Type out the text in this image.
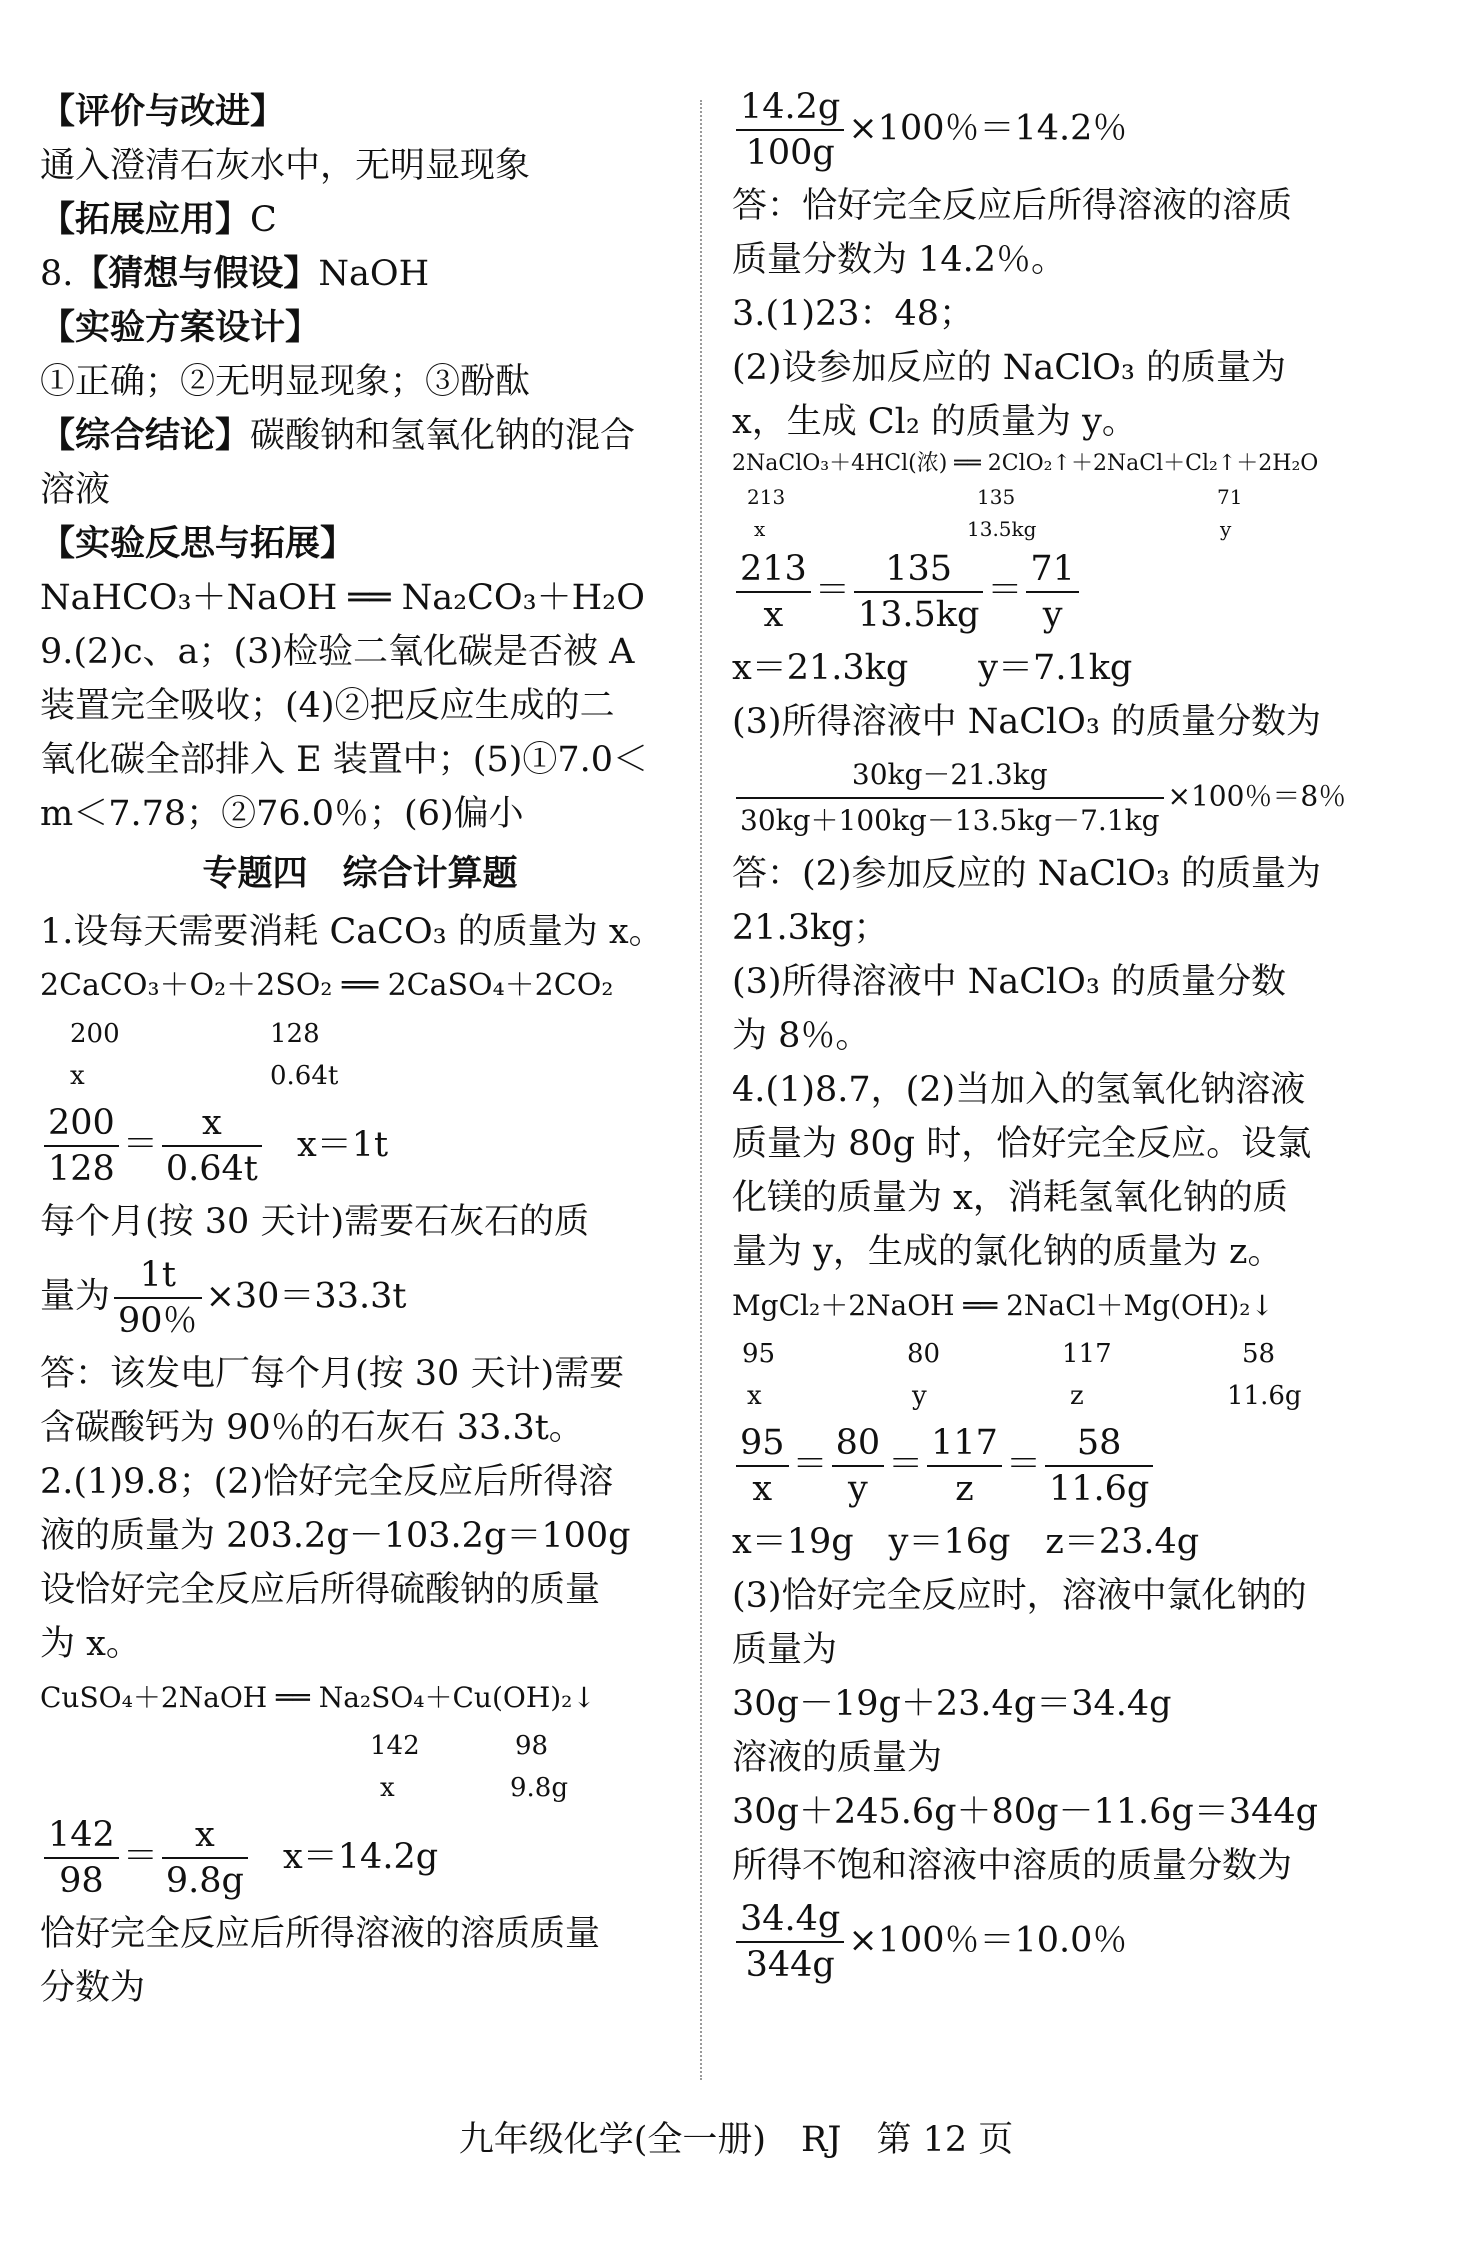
【评价与改进】
通入澄清石灰水中，无明显现象
【拓展应用】C
8.【猜想与假设】NaOH
【实验方案设计】
①正确；②无明显现象；③酚酞
【综合结论】碳酸钠和氢氧化钠的混合
溶液
【实验反思与拓展】
NaHCO₃＋NaOH ══ Na₂CO₃＋H₂O
9.(2)c、a；(3)检验二氧化碳是否被 A
装置完全吸收；(4)②把反应生成的二
氧化碳全部排入 E 装置中；(5)①7.0＜
m＜7.78；②76.0％；(6)偏小
专题四　综合计算题
1.设每天需要消耗 CaCO₃ 的质量为 x。
2CaCO₃＋O₂＋2SO₂ ══ 2CaSO₄＋2CO₂
200	128
x	0.64t
$\frac{200}{128} = \frac{x}{0.64t} x=1t$
每个月(按 30 天计)需要石灰石的质
量为 $\frac{1t}{90\%} \times 30=33.3t$
答：该发电厂每个月(按 30 天计)需要
含碳酸钙为 90％的石灰石 33.3t。
2.(1)9.8；(2)恰好完全反应后所得溶
液的质量为 203.2g－103.2g＝100g
设恰好完全反应后所得硫酸钠的质量
为 x。
CuSO₄＋2NaOH ══ Na₂SO₄＋Cu(OH)₂↓
142	98
x	9.8g
$\frac{142}{98} = \frac{x}{9.8g} x=14.2g$
恰好完全反应后所得溶液的溶质质量
分数为
$\frac{14.2g}{100g} \times 100$％＝14.2％
答：恰好完全反应后所得溶液的溶质
质量分数为 14.2％。
3.(1)23：48；
(2)设参加反应的 NaClO₃ 的质量为
x，生成 Cl₂ 的质量为 y。
2NaClO₃＋4HCl(浓) ══ 2ClO₂↑＋2NaCl＋Cl₂↑＋2H₂O
213	135	71
x	13.5kg	y
$\frac{213}{x} = \frac{135}{13.5kg} = \frac{71}{y}$
x＝21.3kg　　y＝7.1kg
(3)所得溶液中 NaClO₃ 的质量分数为
$\frac{30kg-21.3kg}{30kg+100kg-13.5kg-7.1kg} \times 100$％＝8％
答：(2)参加反应的 NaClO₃ 的质量为
21.3kg；
(3)所得溶液中 NaClO₃ 的质量分数
为 8％。
4.(1)8.7，(2)当加入的氢氧化钠溶液
质量为 80g 时，恰好完全反应。设氯
化镁的质量为 x，消耗氢氧化钠的质
量为 y，生成的氯化钠的质量为 z。
MgCl₂＋2NaOH ══ 2NaCl＋Mg(OH)₂↓
95	80	117	58
x	y	z	11.6g
$\frac{95}{x} = \frac{80}{y} = \frac{117}{z} = \frac{58}{11.6g}$
x＝19g　y＝16g　z＝23.4g
(3)恰好完全反应时，溶液中氯化钠的
质量为
30g－19g＋23.4g＝34.4g
溶液的质量为
30g＋245.6g＋80g－11.6g＝344g
所得不饱和溶液中溶质的质量分数为
$\frac{34.4g}{344g} \times 100$％＝10.0％
九年级化学(全一册)　RJ　第 12 页
